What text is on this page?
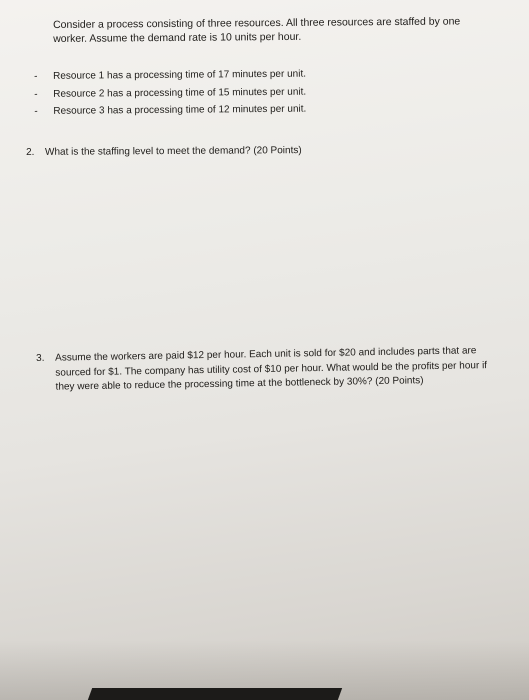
Consider a process consisting of three resources. All three resources are staffed by one worker. Assume the demand rate is 10 units per hour.
- Resource 1 has a processing time of 17 minutes per unit.
- Resource 2 has a processing time of 15 minutes per unit.
- Resource 3 has a processing time of 12 minutes per unit.
2. What is the staffing level to meet the demand? (20 Points)
3. Assume the workers are paid $12 per hour. Each unit is sold for $20 and includes parts that are sourced for $1. The company has utility cost of $10 per hour. What would be the profits per hour if they were able to reduce the processing time at the bottleneck by 30%? (20 Points)
